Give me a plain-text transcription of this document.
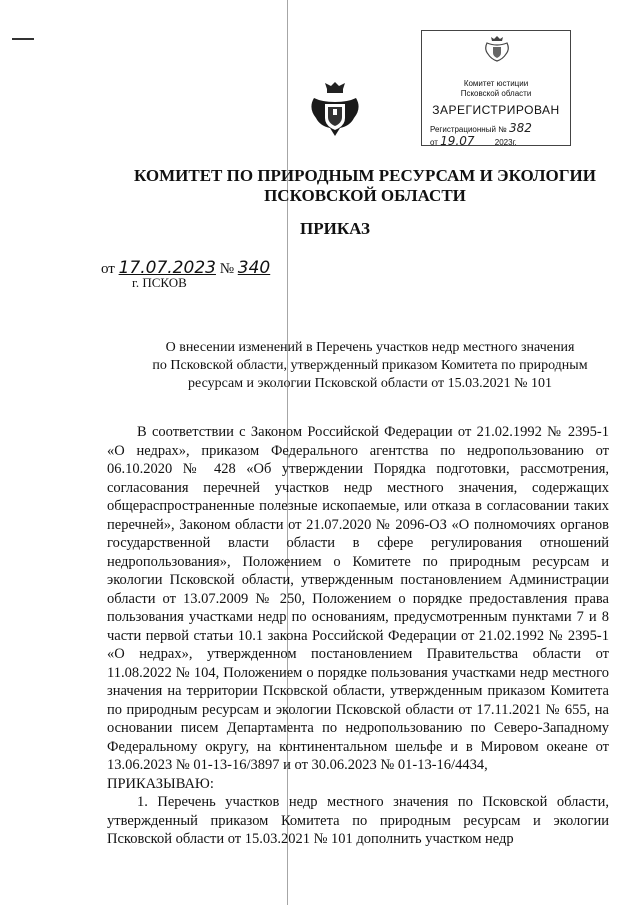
Комитет юстиции
Псковской области
ЗАРЕГИСТРИРОВАН
Регистрационный № 382
от 19.07	2023г.
КОМИТЕТ ПО ПРИРОДНЫМ РЕСУРСАМ И ЭКОЛОГИИ
ПСКОВСКОЙ ОБЛАСТИ
ПРИКАЗ
от 17.07.2023 № 340
г. ПСКОВ
О внесении изменений в Перечень участков недр местного значения
по Псковской области, утвержденный приказом Комитета по природным
ресурсам и экологии Псковской области от 15.03.2021 № 101

В соответствии с Законом Российской Федерации от 21.02.1992 № 2395-1 «О недрах», приказом Федерального агентства по недропользованию от 06.10.2020 № 428 «Об утверждении Порядка подготовки, рассмотрения, согласования перечней участков недр местного значения, содержащих общераспространенные полезные ископаемые, или отказа в согласовании таких перечней», Законом области от 21.07.2020 № 2096-ОЗ «О полномочиях органов государственной власти области в сфере регулирования отношений недропользования», Положением о Комитете по природным ресурсам и экологии Псковской области, утвержденным постановлением Администрации области от 13.07.2009 № 250, Положением о порядке предоставления права пользования участками недр по основаниям, предусмотренным пунктами 7 и 8 части первой статьи 10.1 закона Российской Федерации от 21.02.1992 № 2395-1 «О недрах», утвержденном постановлением Правительства области от 11.08.2022 № 104, Положением о порядке пользования участками недр местного значения на территории Псковской области, утвержденным приказом Комитета по природным ресурсам и экологии Псковской области от 17.11.2021 № 655, на основании писем Департамента по недропользованию по Северо-Западному Федеральному округу, на континентальном шельфе и в Мировом океане от 13.06.2023 № 01-13-16/3897 и от 30.06.2023 № 01-13-16/4434,

ПРИКАЗЫВАЮ:

1. Перечень участков недр местного значения по Псковской области, утвержденный приказом Комитета по природным ресурсам и экологии Псковской области от 15.03.2021 № 101 дополнить участком недр
